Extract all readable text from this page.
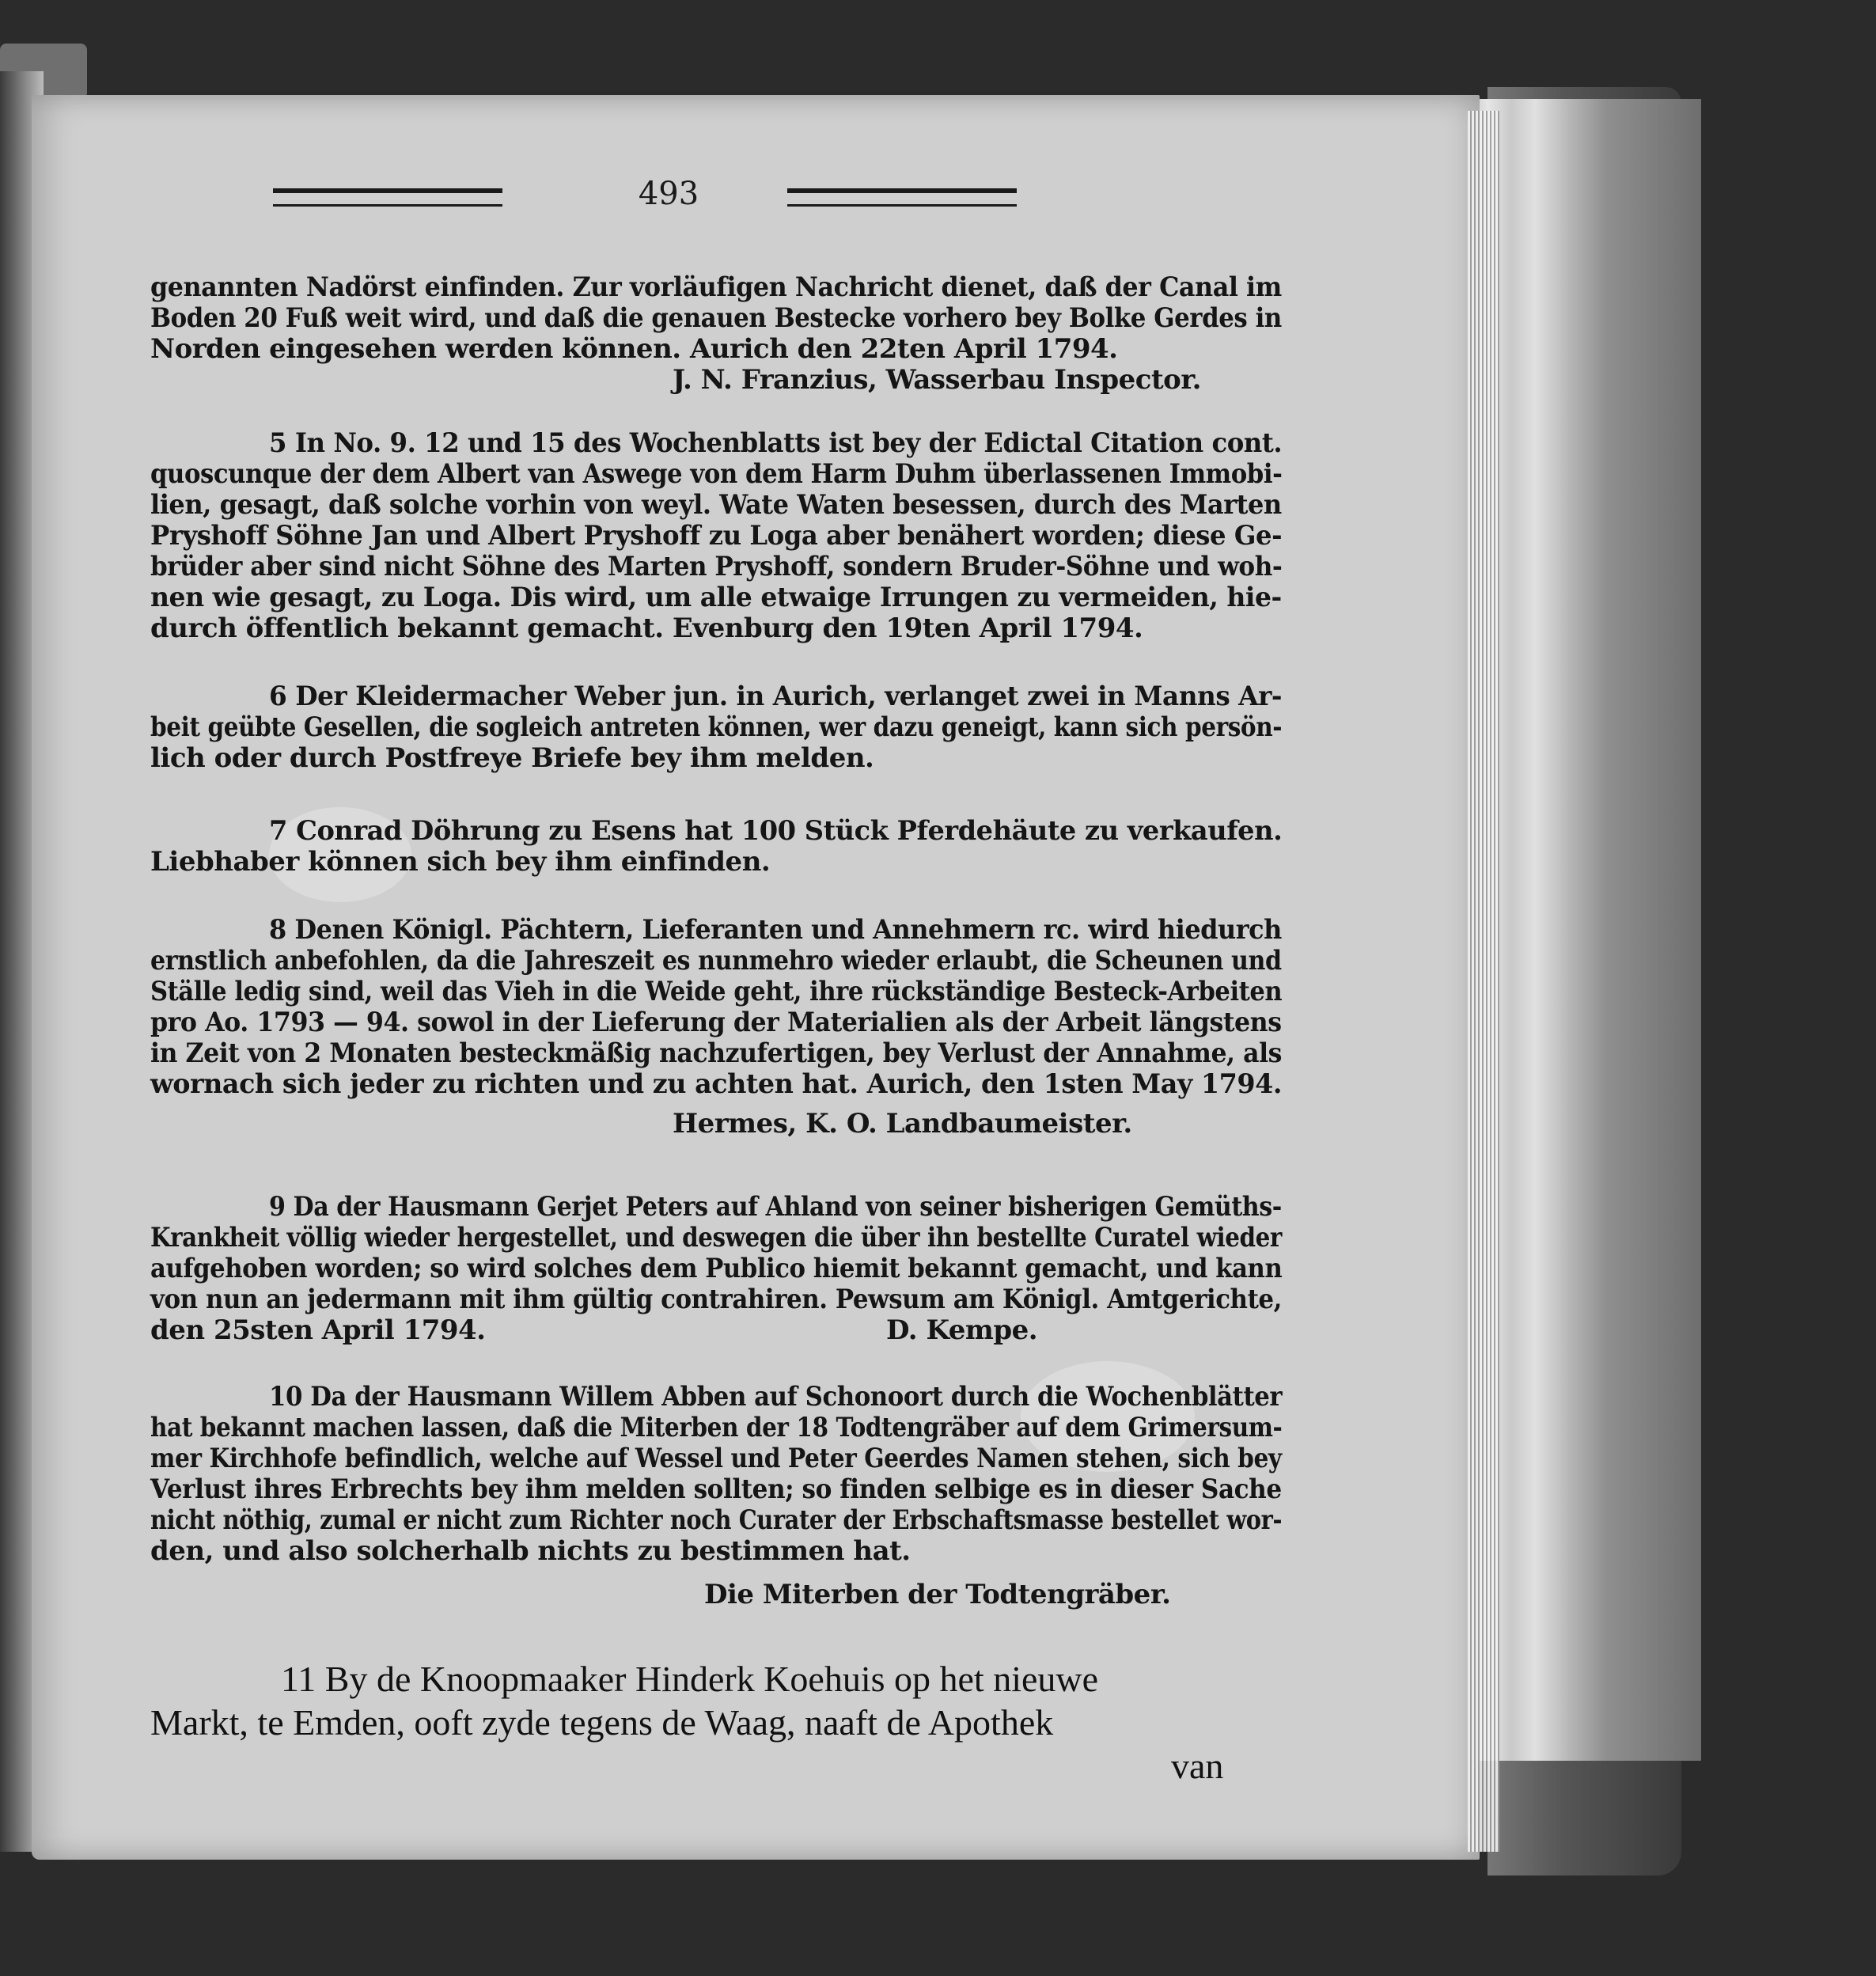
493
genannten Nadörst einfinden. Zur vorläufigen Nachricht dienet, daß der Canal im
Boden 20 Fuß weit wird, und daß die genauen Bestecke vorhero bey Bolke Gerdes in
Norden eingesehen werden können. Aurich den 22ten April 1794.
J. N. Franzius, Wasserbau Inspector.
5 In No. 9. 12 und 15 des Wochenblatts ist bey der Edictal Citation cont.
quoscunque der dem Albert van Aswege von dem Harm Duhm überlassenen Immobi-
lien, gesagt, daß solche vorhin von weyl. Wate Waten besessen, durch des Marten
Pryshoff Söhne Jan und Albert Pryshoff zu Loga aber benähert worden; diese Ge-
brüder aber sind nicht Söhne des Marten Pryshoff, sondern Bruder-Söhne und woh-
nen wie gesagt, zu Loga. Dis wird, um alle etwaige Irrungen zu vermeiden, hie-
durch öffentlich bekannt gemacht. Evenburg den 19ten April 1794.
6 Der Kleidermacher Weber jun. in Aurich, verlanget zwei in Manns Ar-
beit geübte Gesellen, die sogleich antreten können, wer dazu geneigt, kann sich persön-
lich oder durch Postfreye Briefe bey ihm melden.
7 Conrad Döhrung zu Esens hat 100 Stück Pferdehäute zu verkaufen.
Liebhaber können sich bey ihm einfinden.
8 Denen Königl. Pächtern, Lieferanten und Annehmern rc. wird hiedurch
ernstlich anbefohlen, da die Jahreszeit es nunmehro wieder erlaubt, die Scheunen und
Ställe ledig sind, weil das Vieh in die Weide geht, ihre rückständige Besteck-Arbeiten
pro Ao. 1793 — 94. sowol in der Lieferung der Materialien als der Arbeit längstens
in Zeit von 2 Monaten besteckmäßig nachzufertigen, bey Verlust der Annahme, als
wornach sich jeder zu richten und zu achten hat. Aurich, den 1sten May 1794.
Hermes, K. O. Landbaumeister.
9 Da der Hausmann Gerjet Peters auf Ahland von seiner bisherigen Gemüths-
Krankheit völlig wieder hergestellet, und deswegen die über ihn bestellte Curatel wieder
aufgehoben worden; so wird solches dem Publico hiemit bekannt gemacht, und kann
von nun an jedermann mit ihm gültig contrahiren. Pewsum am Königl. Amtgerichte,
den 25sten April 1794.	D. Kempe.
10 Da der Hausmann Willem Abben auf Schonoort durch die Wochenblätter
hat bekannt machen lassen, daß die Miterben der 18 Todtengräber auf dem Grimersum-
mer Kirchhofe befindlich, welche auf Wessel und Peter Geerdes Namen stehen, sich bey
Verlust ihres Erbrechts bey ihm melden sollten; so finden selbige es in dieser Sache
nicht nöthig, zumal er nicht zum Richter noch Curater der Erbschaftsmasse bestellet wor-
den, und also solcherhalb nichts zu bestimmen hat.
Die Miterben der Todtengräber.
11 By de Knoopmaaker Hinderk Koehuis op het nieuwe
Markt, te Emden, ooft zyde tegens de Waag, naaft de Apothek
van
